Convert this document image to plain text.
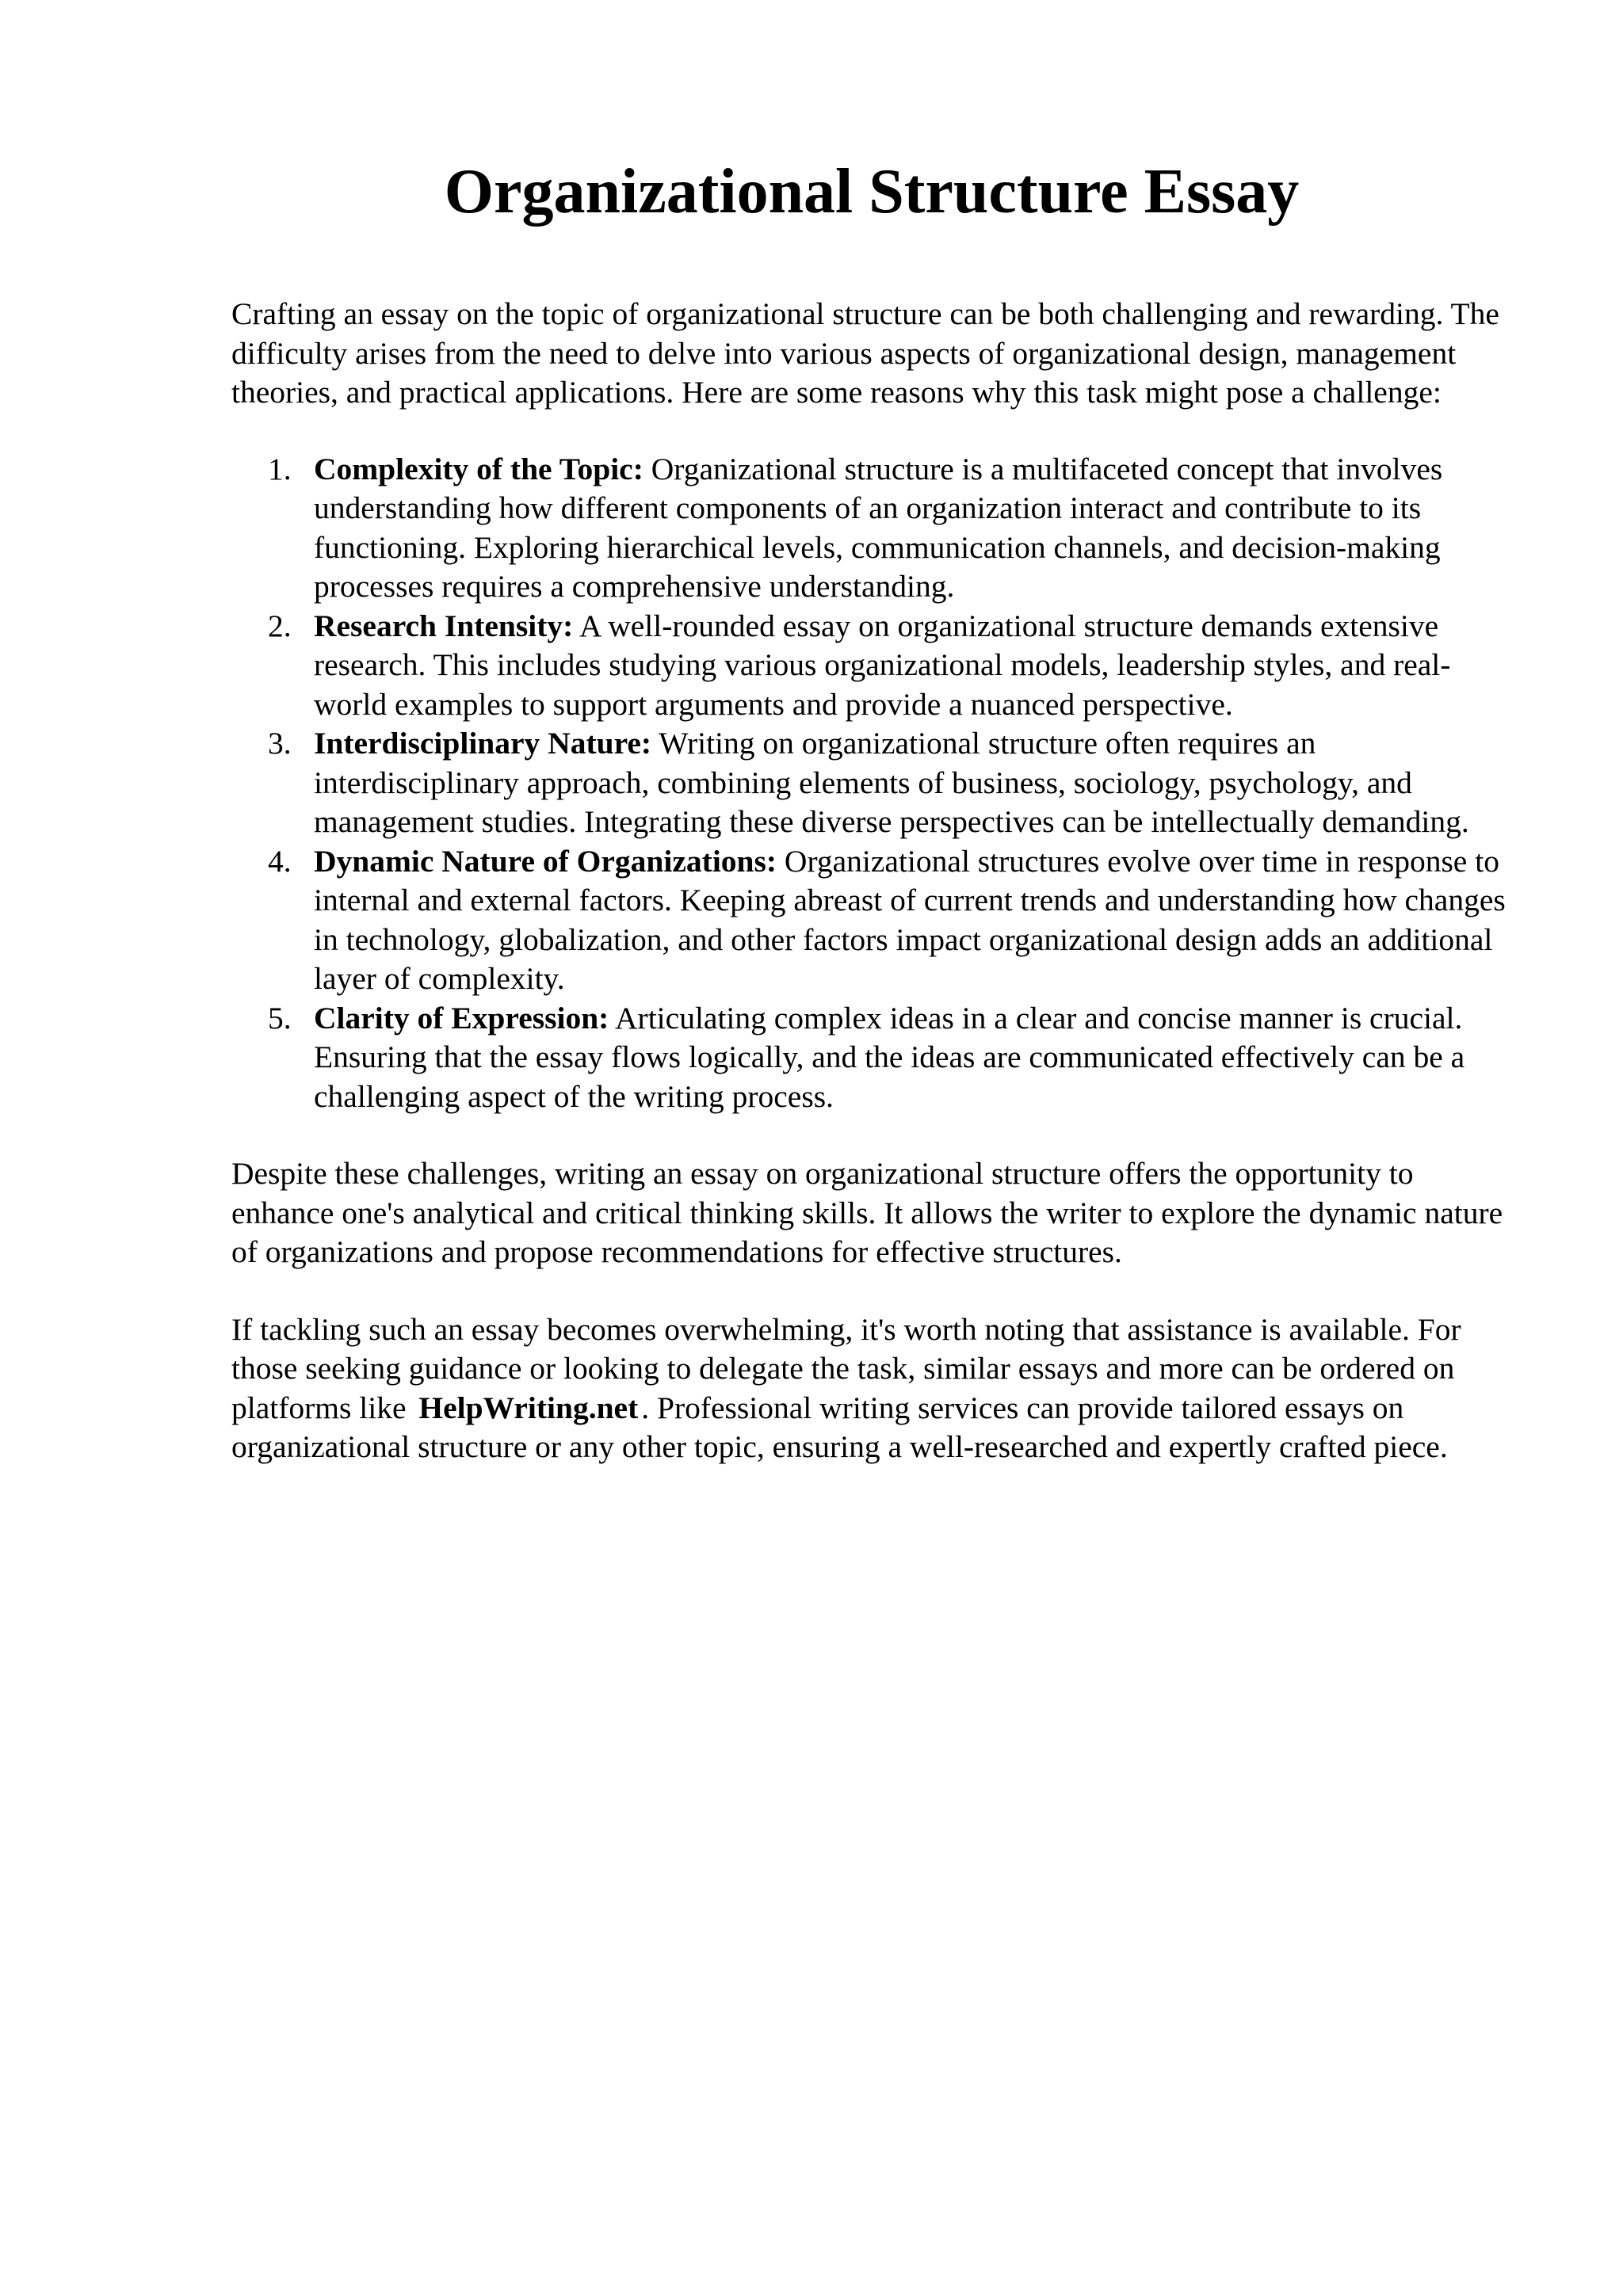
Organizational Structure Essay

Crafting an essay on the topic of organizational structure can be both challenging and rewarding. The difficulty arises from the need to delve into various aspects of organizational design, management theories, and practical applications. Here are some reasons why this task might pose a challenge:

1. Complexity of the Topic: Organizational structure is a multifaceted concept that involves understanding how different components of an organization interact and contribute to its functioning. Exploring hierarchical levels, communication channels, and decision-making processes requires a comprehensive understanding.
2. Research Intensity: A well-rounded essay on organizational structure demands extensive research. This includes studying various organizational models, leadership styles, and real-world examples to support arguments and provide a nuanced perspective.
3. Interdisciplinary Nature: Writing on organizational structure often requires an interdisciplinary approach, combining elements of business, sociology, psychology, and management studies. Integrating these diverse perspectives can be intellectually demanding.
4. Dynamic Nature of Organizations: Organizational structures evolve over time in response to internal and external factors. Keeping abreast of current trends and understanding how changes in technology, globalization, and other factors impact organizational design adds an additional layer of complexity.
5. Clarity of Expression: Articulating complex ideas in a clear and concise manner is crucial. Ensuring that the essay flows logically, and the ideas are communicated effectively can be a challenging aspect of the writing process.

Despite these challenges, writing an essay on organizational structure offers the opportunity to enhance one's analytical and critical thinking skills. It allows the writer to explore the dynamic nature of organizations and propose recommendations for effective structures.

If tackling such an essay becomes overwhelming, it's worth noting that assistance is available. For those seeking guidance or looking to delegate the task, similar essays and more can be ordered on platforms like HelpWriting.net . Professional writing services can provide tailored essays on organizational structure or any other topic, ensuring a well-researched and expertly crafted piece.
